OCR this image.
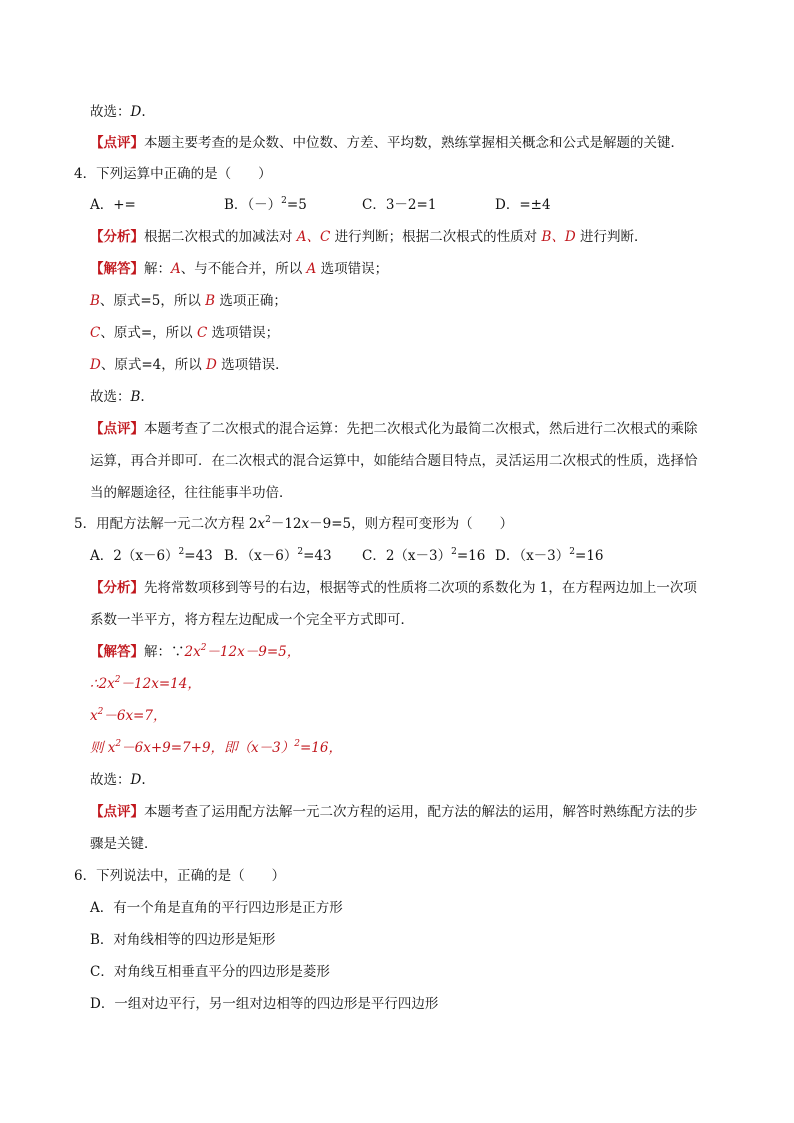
故选：D.
【点评】本题主要考查的是众数、中位数、方差、平均数，熟练掌握相关概念和公式是解题的关键．
4．下列运算中正确的是（　　）
A．+=	B．$(-)^2=5$	C．3－2=1	D．=±4
【分析】根据二次根式的加减法对 A、C 进行判断；根据二次根式的性质对 B、D 进行判断．
【解答】解：A、与不能合并，所以 A 选项错误；
B、原式=5，所以 B 选项正确；
C、原式=，所以 C 选项错误；
D、原式=4，所以 D 选项错误．
故选：B.
【点评】本题考查了二次根式的混合运算：先把二次根式化为最简二次根式，然后进行二次根式的乘除
运算，再合并即可．在二次根式的混合运算中，如能结合题目特点，灵活运用二次根式的性质，选择恰
当的解题途径，往往能事半功倍．
5．用配方法解一元二次方程 $2x^2-12x-9=5$，则方程可变形为（　　）
A．$2(x-6)^2=43$ B．$(x-6)^2=43$ C．$2(x-3)^2=16$ D．$(x-3)^2=16$
【分析】先将常数项移到等号的右边，根据等式的性质将二次项的系数化为 1，在方程两边加上一次项
系数一半平方，将方程左边配成一个完全平方式即可．
【解答】解：$\because 2x^2-12x-9=5$，
$\therefore 2x^2-12x=14$，
$x^2-6x=7$，
则 $x^2-6x+9=7+9$，即$(x-3)^2=16$，
故选：D.
【点评】本题考查了运用配方法解一元二次方程的运用，配方法的解法的运用，解答时熟练配方法的步
骤是关键．
6．下列说法中，正确的是（　　）
A．有一个角是直角的平行四边形是正方形
B．对角线相等的四边形是矩形
C．对角线互相垂直平分的四边形是菱形
D．一组对边平行，另一组对边相等的四边形是平行四边形
